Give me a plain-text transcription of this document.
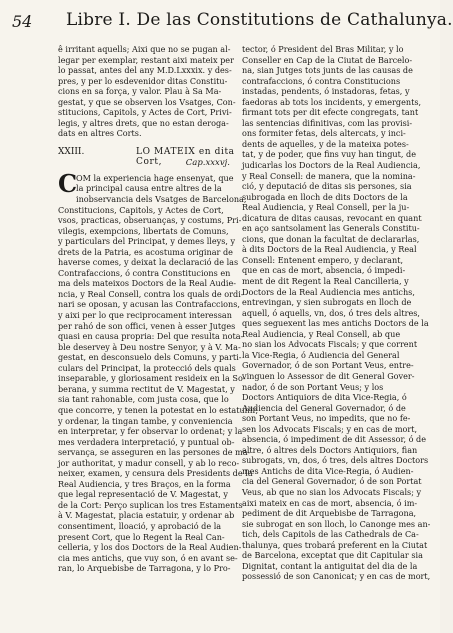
54 Libre I. De las Constitutions de Cathalunya.
ê irritant aquells; Aixi que no se pugan al-
legar per exemplar, restant aixi mateix per
lo passat, antes del any M.D.Lxxxix. y des-
pres, y per lo esdevenidor ditas Constitu-
cions en sa força, y valor. Plau à Sa Ma-
gestat, y que se observen los Vsatges, Con-
stitucions, Capitols, y Actes de Cort, Privi-
legis, y altres drets, que no estan deroga-
dats en altres Corts.
XXIII.	LO MATEIX en dita Cort,	Cap.xxxvj.
C
OM la experiencia hage ensenyat, que
la principal causa entre altres de la
inobservancia dels Vsatges de Barcelona,
Constitucions, Capitols, y Actes de Cort,
vsos, practicas, obseruanças, y costums, Pri-
vilegis, exempcions, libertats de Comuns,
y particulars del Principat, y demes lleys, y
drets de la Patria, es acostuma originar de
haverse comes, y deixat la declaració de las
Contrafaccions, ó contra Constitucions en
ma dels mateixos Doctors de la Real Audie-
ncia, y Real Consell, contra los quals de ordi-
nari se oposan, y acusan las Contrafaccions,
y aixi per lo que reciprocament interessan
per rahó de son offici, venen à esser Jutges
quasi en causa propria: Del que resulta nota-
ble deservey à Deu nostre Senyor, y à V. Ma-
gestat, en desconsuelo dels Comuns, y parti-
culars del Principat, la protecció dels quals
inseparable, y gloriosament resideix en la So-
berana, y summa rectitut de V. Magestat, y
sia tant rahonable, com justa cosa, que lo
que concorre, y tenen la potestat en lo estatuhir,
y ordenar, la tingan tambe, y conveniencia
en interpretar, y fer observar lo ordenat; y la
mes verdadera interpretació, y puntual ob-
servança, se asseguren en las persones de ma-
jor authoritat, y madur consell, y ab lo reco-
neixer, examen, y censura dels Presidents de la
Real Audiencia, y tres Braços, en la forma
que legal representació de V. Magestat, y
de la Cort: Perço suplican los tres Estaments
à V. Magestat, placia estatuir, y ordenar ab
consentiment, lloació, y aprobació de la
present Cort, que lo Regent la Real Can-
celleria, y los dos Doctors de la Real Audien-
cia mes antichs, que vuy son, ó en avant se-
ran, lo Arquebisbe de Tarragona, y lo Pro-
tector, ó President del Bras Militar, y lo
Conseller en Cap de la Ciutat de Barcelo-
na, sian Jutges tots junts de las causas de
contrafaccions, ó contra Constitucions
instadas, pendents, ó instadoras, fetas, y
faedoras ab tots los incidents, y emergents,
firmant tots per dit efecte congregats, tant
las sentencias difinitivas, com las provisi-
ons formiter fetas, dels altercats, y inci-
dents de aquelles, y de la mateixa potes-
tat, y de poder, que fins vuy han tingut, de
judicarlas los Doctors de la Real Audiencia,
y Real Consell: de manera, que la nomina-
ció, y deputació de ditas sis persones, sia
subrogada en lloch de dits Doctors de la
Real Audiencia, y Real Consell, per la ju-
dicatura de ditas causas, revocant en quant
en aço santsolament las Generals Constitu-
cions, que donan la facultat de declararlas,
à dits Doctors de la Real Audiencia, y Real
Consell: Entenent empero, y declarant,
que en cas de mort, absencia, ó impedi-
ment de dit Regent la Real Cancilleria, y
Doctors de la Real Audiencia mes antichs,
entrevingan, y sien subrogats en lloch de
aquell, ó aquells, vn, dos, ó tres dels altres,
ques seguexent las mes antichs Doctors de la
Real Audiencia, y Real Consell, ab que
no sian los Advocats Fiscals; y que corrent
la Vice-Regia, ó Audiencia del General
Governador, ó de son Portant Veus, entre-
vinguen lo Assessor de dit General Gover-
nador, ó de son Portant Veus; y los
Doctors Antiquiors de dita Vice-Regia, ó
Audiencia del General Governador, ó de
son Portant Veus, no impedits, que no fe-
sen los Advocats Fiscals; y en cas de mort,
absencia, ó impediment de dit Assessor, ó de
altre, ó altres dels Doctors Antiquiors, fian
subrogats, vn, dos, ó tres, dels altres Doctors
mes Antichs de dita Vice-Regia, ó Audien-
cia del General Governador, ó de son Portat
Veus, ab que no sian los Advocats Fiscals; y
aixi mateix en cas de mort, absencia, ó im-
pediment de dit Arquebisbe de Tarragona,
sie subrogat en son lloch, lo Canonge mes an-
tich, dels Capitols de las Cathedrals de Ca-
thalunya, ques trobará preferent en la Ciutat
de Barcelona, exceptat que dit Capitular sia
Dignitat, contant la antiguitat del dia de la
possessió de son Canonicat; y en cas de mort,
